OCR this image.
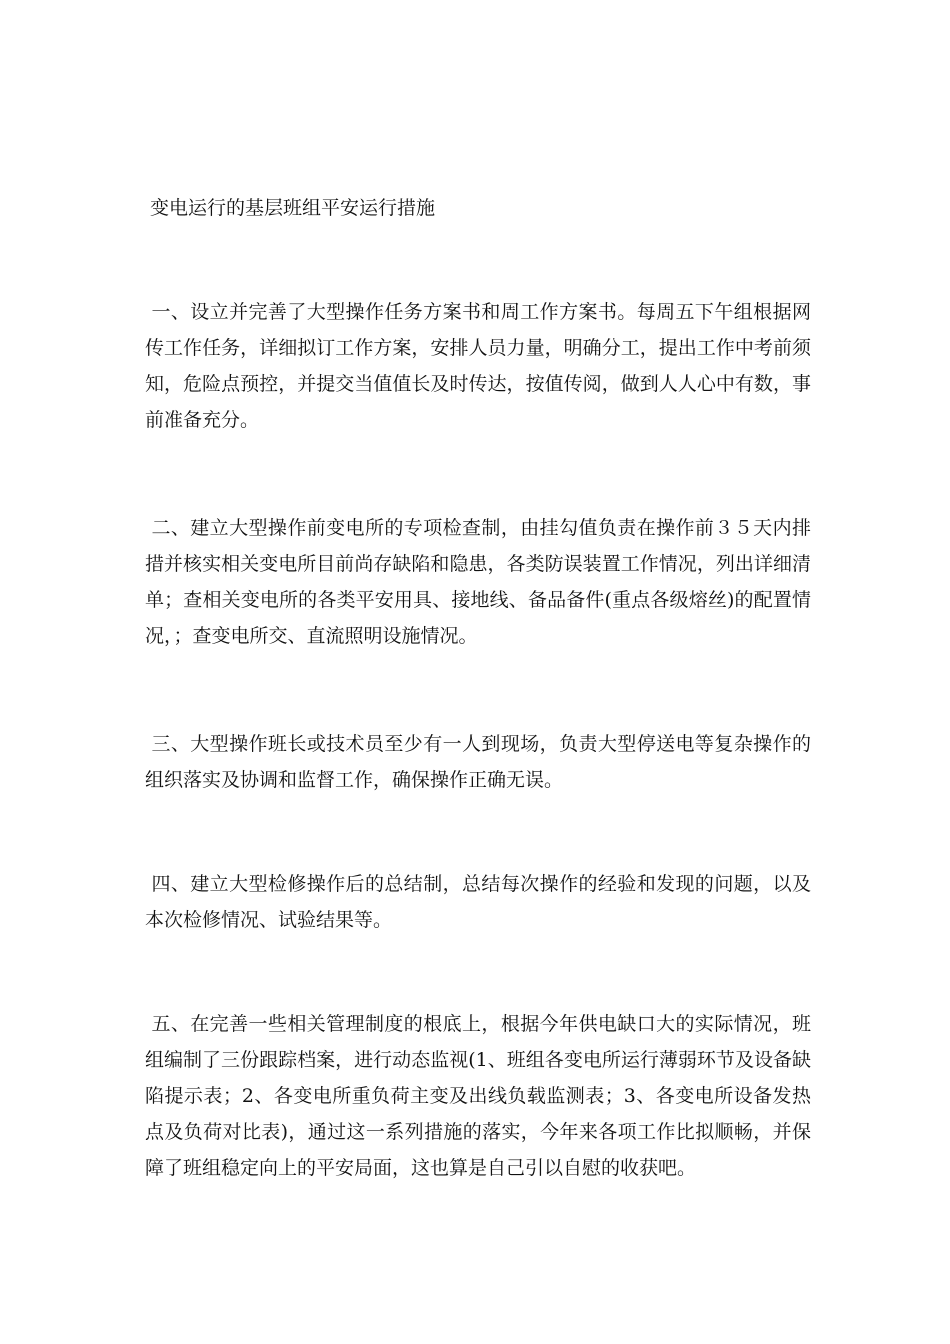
变电运行的基层班组平安运行措施
一、设立并完善了大型操作任务方案书和周工作方案书。每周五下午组根据网传工作任务，详细拟订工作方案，安排人员力量，明确分工，提出工作中考前须知，危险点预控，并提交当值值长及时传达，按值传阅，做到人人心中有数，事前准备充分。
二、建立大型操作前变电所的专项检查制，由挂勾值负责在操作前３５天内排措并核实相关变电所目前尚存缺陷和隐患，各类防误装置工作情况，列出详细清单；查相关变电所的各类平安用具、接地线、备品备件(重点各级熔丝)的配置情况，；查变电所交、直流照明设施情况。
三、大型操作班长或技术员至少有一人到现场，负责大型停送电等复杂操作的组织落实及协调和监督工作，确保操作正确无误。
四、建立大型检修操作后的总结制，总结每次操作的经验和发现的问题，以及本次检修情况、试验结果等。
五、在完善一些相关管理制度的根底上，根据今年供电缺口大的实际情况，班组编制了三份跟踪档案，进行动态监视(1、班组各变电所运行薄弱环节及设备缺陷提示表；2、各变电所重负荷主变及出线负载监测表；3、各变电所设备发热点及负荷对比表)，通过这一系列措施的落实，今年来各项工作比拟顺畅，并保障了班组稳定向上的平安局面，这也算是自己引以自慰的收获吧。
